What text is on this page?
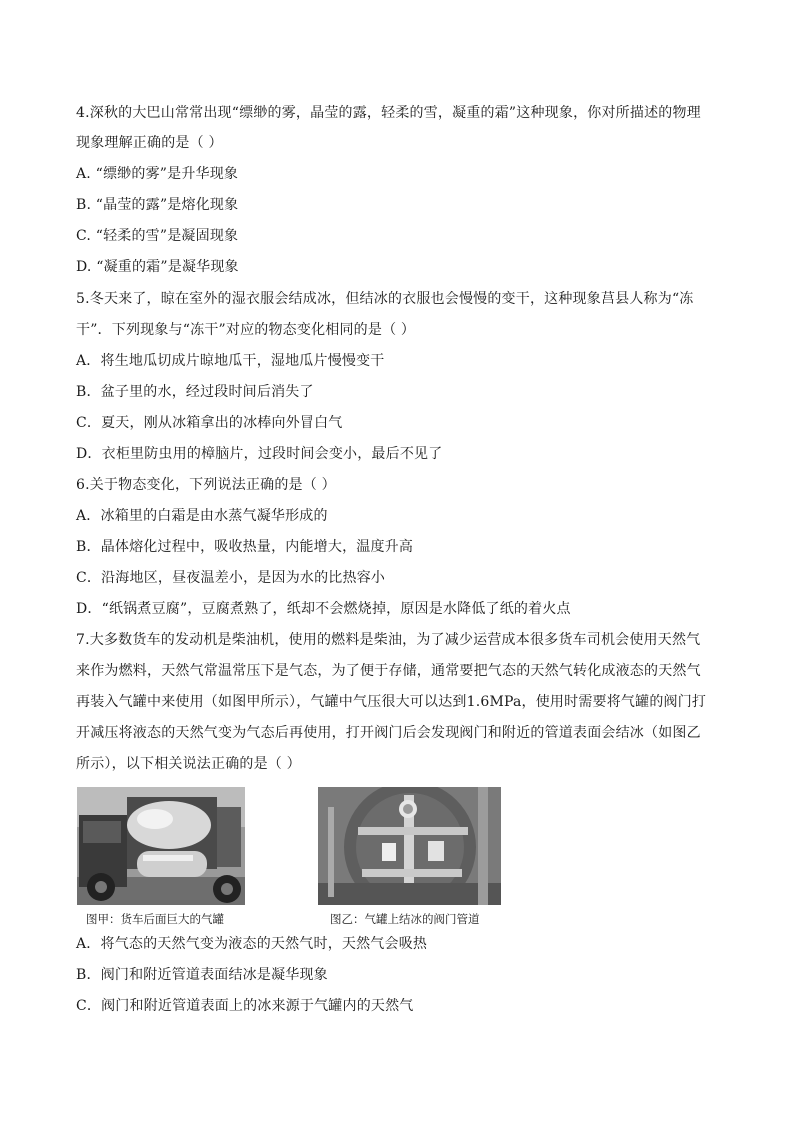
4.深秋的大巴山常常出现“缥缈的雾，晶莹的露，轻柔的雪，凝重的霜”这种现象，你对所描述的物理
现象理解正确的是（ ）
A. “缥缈的雾”是升华现象
B. “晶莹的露”是熔化现象
C. “轻柔的雪”是凝固现象
D. “凝重的霜”是凝华现象
5.冬天来了，晾在室外的湿衣服会结成冰，但结冰的衣服也会慢慢的变干，这种现象莒县人称为“冻
干”．下列现象与“冻干”对应的物态变化相同的是（ ）
A．将生地瓜切成片晾地瓜干，湿地瓜片慢慢变干
B．盆子里的水，经过段时间后消失了
C．夏天，刚从冰箱拿出的冰棒向外冒白气
D．衣柜里防虫用的樟脑片，过段时间会变小，最后不见了
6.关于物态变化，下列说法正确的是（ ）
A．冰箱里的白霜是由水蒸气凝华形成的
B．晶体熔化过程中，吸收热量，内能增大，温度升高
C．沿海地区，昼夜温差小，是因为水的比热容小
D．“纸锅煮豆腐”，豆腐煮熟了，纸却不会燃烧掉，原因是水降低了纸的着火点
7.大多数货车的发动机是柴油机，使用的燃料是柴油，为了减少运营成本很多货车司机会使用天然气
来作为燃料，天然气常温常压下是气态，为了便于存储，通常要把气态的天然气转化成液态的天然气
再装入气罐中来使用（如图甲所示），气罐中气压很大可以达到1.6MPa，使用时需要将气罐的阀门打
开减压将液态的天然气变为气态后再使用，打开阀门后会发现阀门和附近的管道表面会结冰（如图乙
所示），以下相关说法正确的是（ ）
图甲：货车后面巨大的气罐	图乙：气罐上结冰的阀门管道
A．将气态的天然气变为液态的天然气时，天然气会吸热
B．阀门和附近管道表面结冰是凝华现象
C．阀门和附近管道表面上的冰来源于气罐内的天然气
